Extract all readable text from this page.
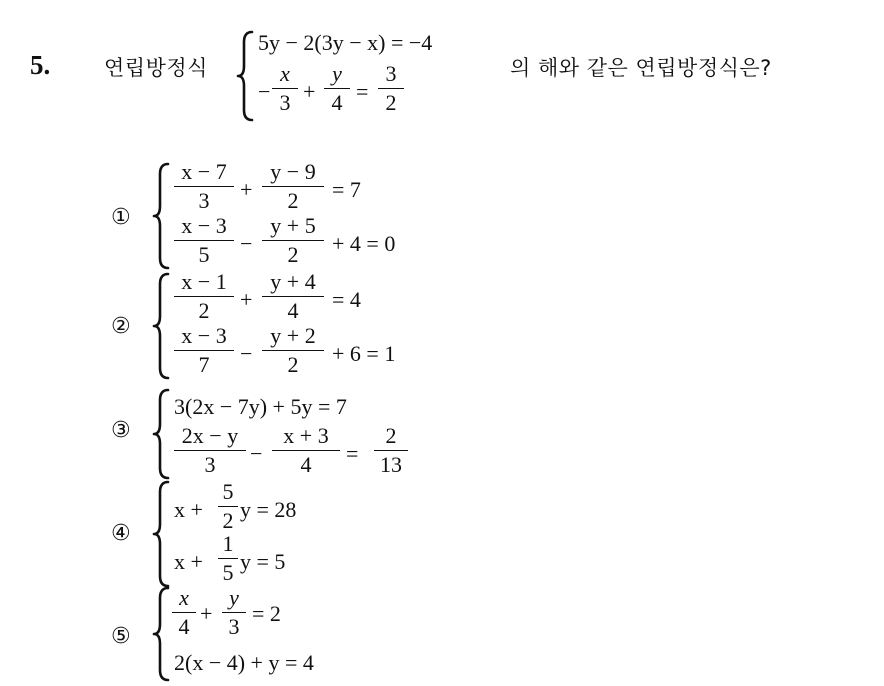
5.	연립방정식
5y − 2(3y − x) = −4
−
x
3 +
y
4 =
3
2
의 해와 같은 연립방정식은?
①
x − 7
3	+
y − 9
2	= 7
x − 3
5	−
y + 5
2	+ 4 = 0
②
x − 1
2	+
y + 4
4	= 4
x − 3
7	−
y + 2
2	+ 6 = 1
③
3(2x − 7y) + 5y = 7
2x − y
3	−
x + 3
4	=
2
13
④
x +
5
2 y = 28
x +
1
5 y = 5
⑤
x
4
+
y
3
= 2
2(x − 4) + y = 4
